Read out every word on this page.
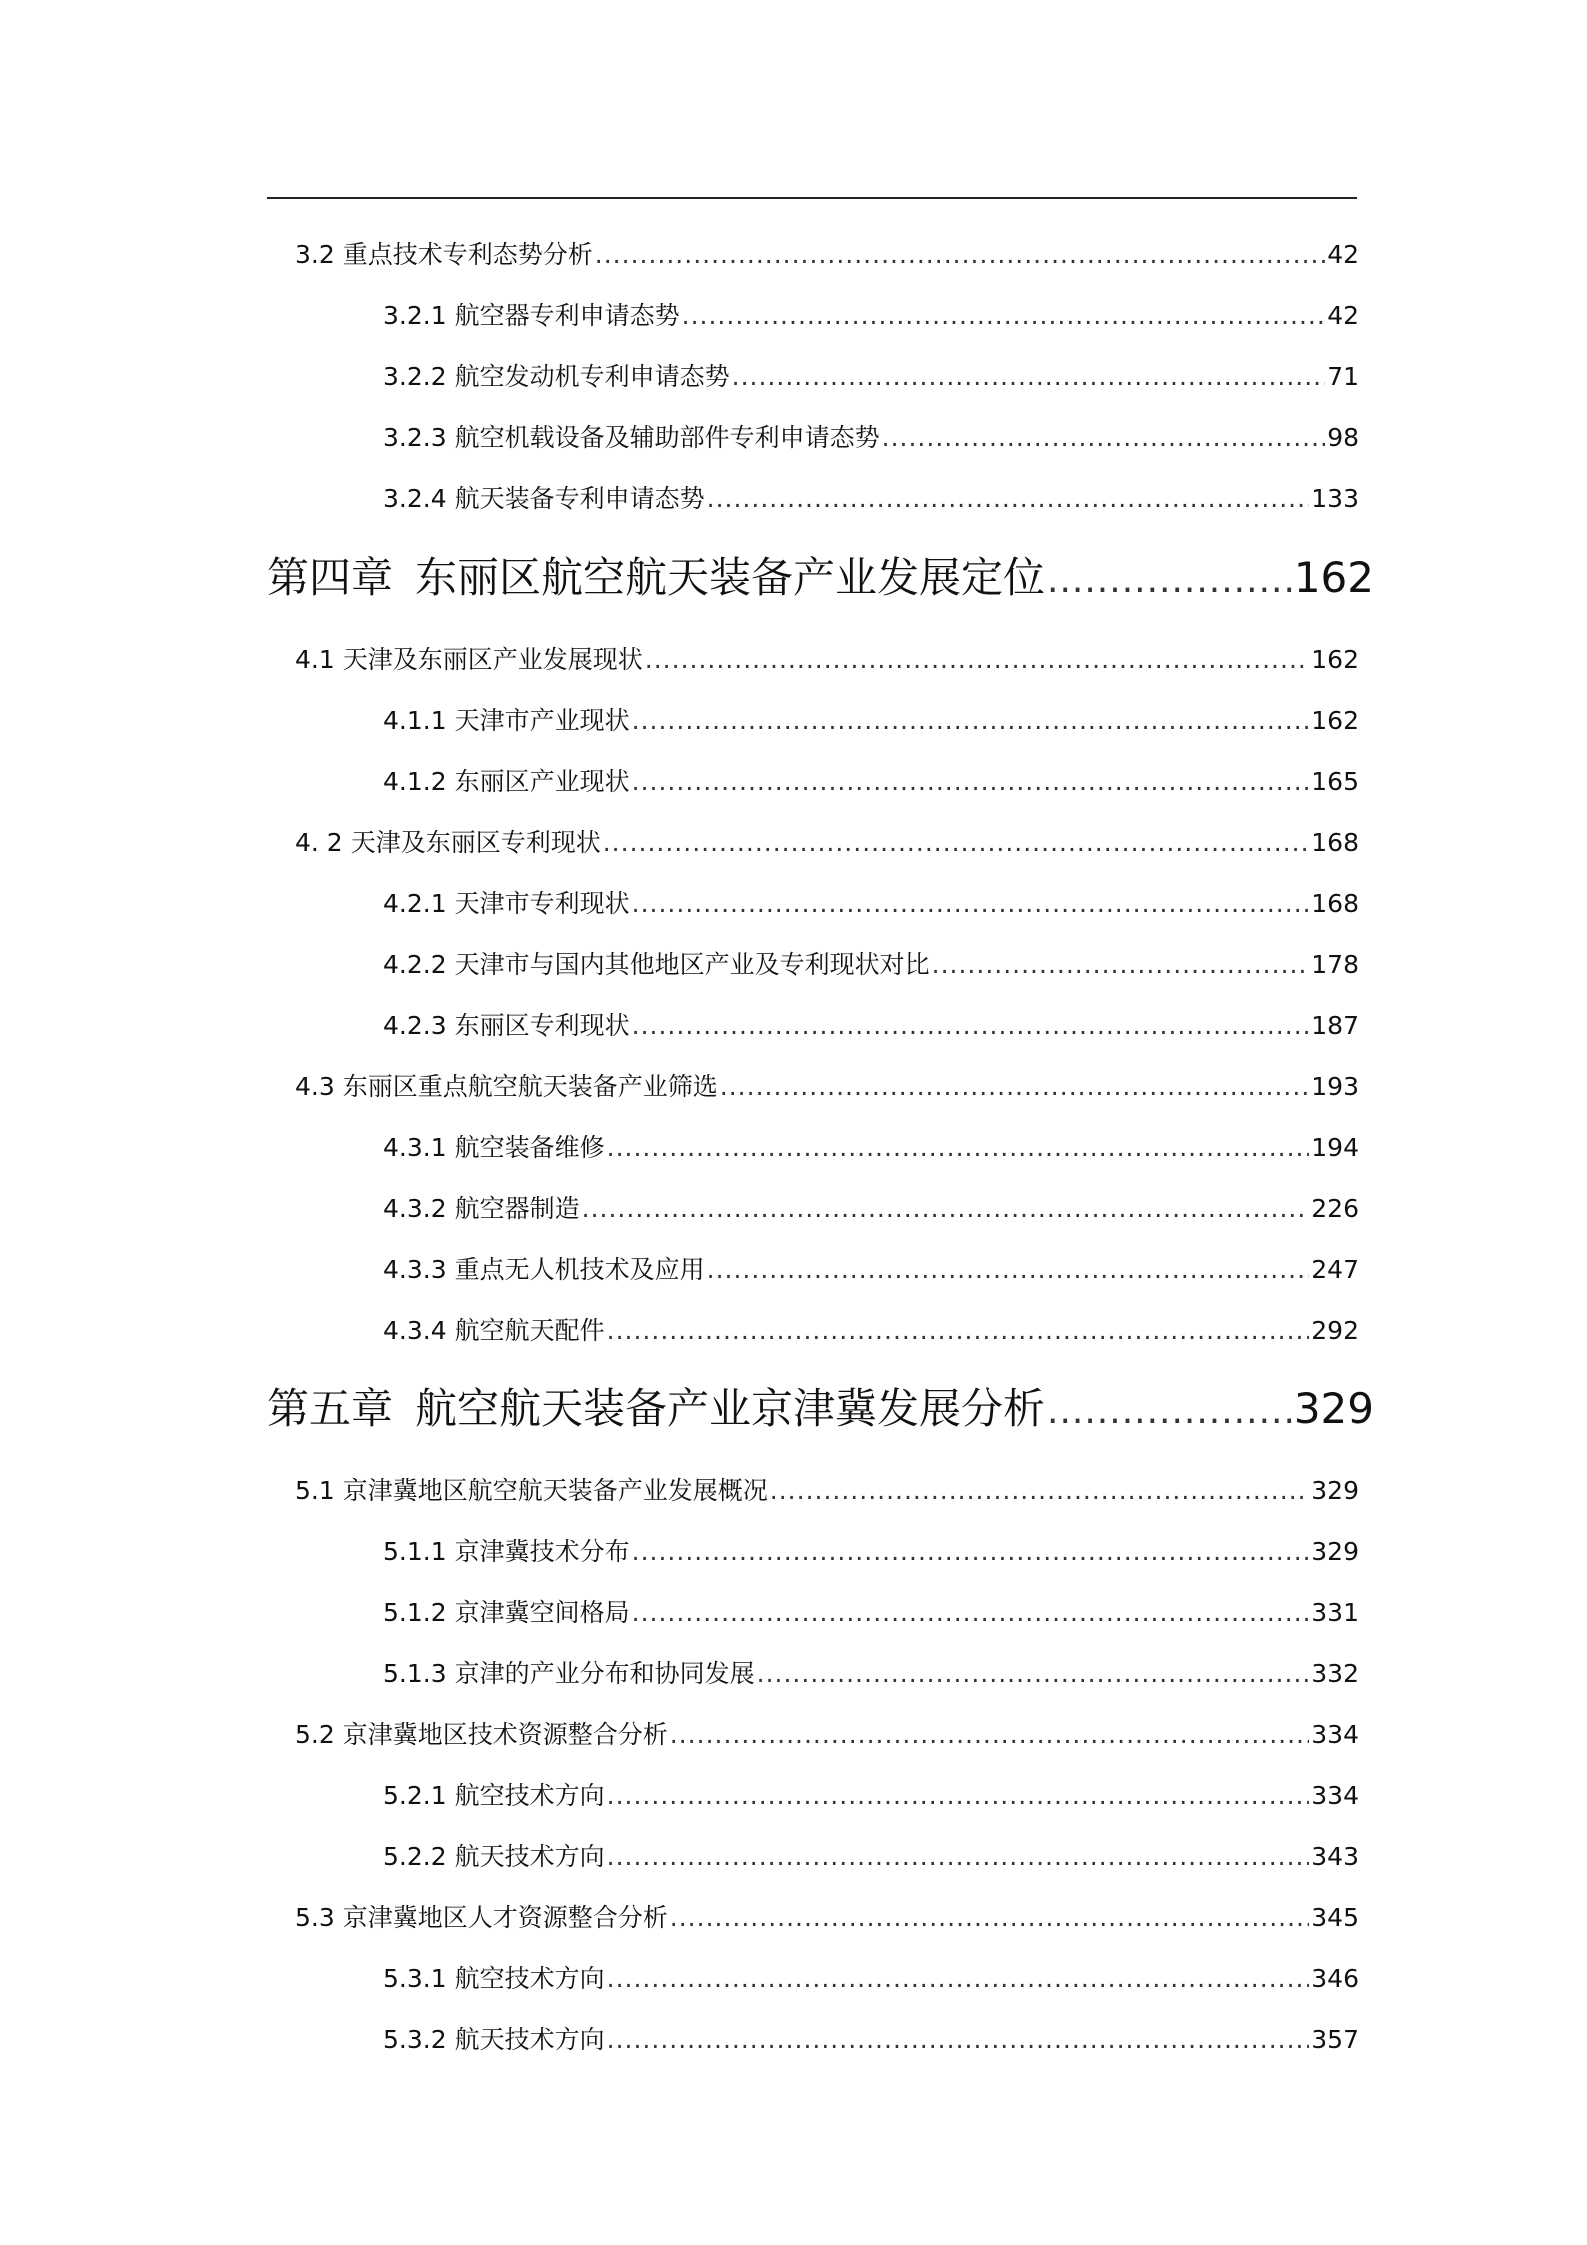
3.2 重点技术专利态势分析 .....	42
3.2.1 航空器专利申请态势 .....	42
3.2.2 航空发动机专利申请态势 .....	71
3.2.3 航空机载设备及辅助部件专利申请态势 .....	98
3.2.4 航天装备专利申请态势 .....	133
第四章 东丽区航空航天装备产业发展定位 .....	162
4.1 天津及东丽区产业发展现状 .....	162
4.1.1 天津市产业现状 .....	162
4.1.2 东丽区产业现状 .....	165
4. 2 天津及东丽区专利现状 .....	168
4.2.1 天津市专利现状 .....	168
4.2.2 天津市与国内其他地区产业及专利现状对比 .....	178
4.2.3 东丽区专利现状 .....	187
4.3 东丽区重点航空航天装备产业筛选 .....	193
4.3.1 航空装备维修 .....	194
4.3.2 航空器制造 .....	226
4.3.3 重点无人机技术及应用 .....	247
4.3.4 航空航天配件 .....	292
第五章 航空航天装备产业京津冀发展分析 .....	329
5.1 京津冀地区航空航天装备产业发展概况 .....	329
5.1.1 京津冀技术分布 .....	329
5.1.2 京津冀空间格局 .....	331
5.1.3 京津的产业分布和协同发展 .....	332
5.2 京津冀地区技术资源整合分析 .....	334
5.2.1 航空技术方向 .....	334
5.2.2 航天技术方向 .....	343
5.3 京津冀地区人才资源整合分析 .....	345
5.3.1 航空技术方向 .....	346
5.3.2 航天技术方向 .....	357
